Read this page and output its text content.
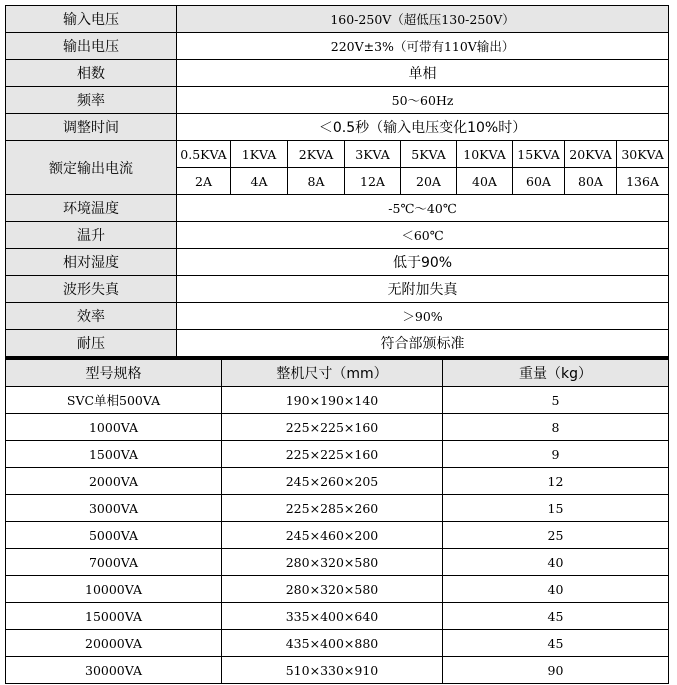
输入电压	160-250V（超低压130-250V）								
输出电压	220V±3%（可带有110V输出）								
相数	单相								
频率	50～60Hz								
调整时间	＜0.5秒（输入电压变化10%时）								
额定输出电流	0.5KVA	1KVA	2KVA	3KVA	5KVA	10KVA	15KVA	20KVA	30KVA
	2A	4A	8A	12A	20A	40A	60A	80A	136A
环境温度	-5℃～40℃								
温升	＜60℃								
相对湿度	低于90%								
波形失真	无附加失真								
效率	＞90%								
耐压	符合部颁标准								
型号规格	整机尺寸（mm）	重量（kg）
SVC单相500VA	190×190×140	5
1000VA	225×225×160	8
1500VA	225×225×160	9
2000VA	245×260×205	12
3000VA	225×285×260	15
5000VA	245×460×200	25
7000VA	280×320×580	40
10000VA	280×320×580	40
15000VA	335×400×640	45
20000VA	435×400×880	45
30000VA	510×330×910	90
